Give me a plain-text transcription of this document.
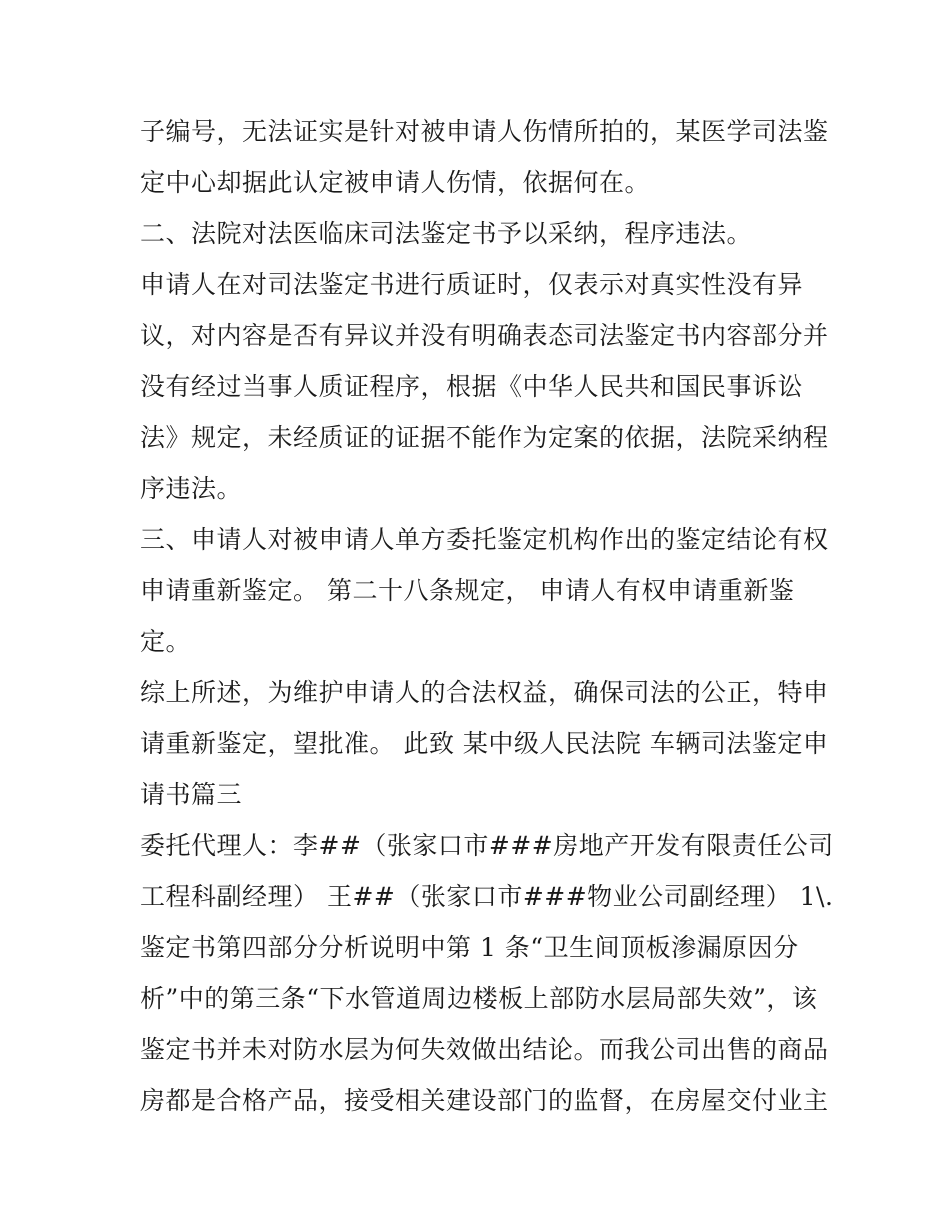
子编号，无法证实是针对被申请人伤情所拍的，某医学司法鉴
定中心却据此认定被申请人伤情，依据何在。
二、法院对法医临床司法鉴定书予以采纳，程序违法。
申请人在对司法鉴定书进行质证时，仅表示对真实性没有异
议，对内容是否有异议并没有明确表态司法鉴定书内容部分并
没有经过当事人质证程序，根据《中华人民共和国民事诉讼
法》规定，未经质证的证据不能作为定案的依据，法院采纳程
序违法。
三、申请人对被申请人单方委托鉴定机构作出的鉴定结论有权
申请重新鉴定。 第二十八条规定， 申请人有权申请重新鉴
定。
综上所述，为维护申请人的合法权益，确保司法的公正，特申
请重新鉴定，望批准。 此致 某中级人民法院 车辆司法鉴定申
请书篇三
委托代理人：李##（张家口市###房地产开发有限责任公司
工程科副经理） 王##（张家口市###物业公司副经理） 1\.
鉴定书第四部分分析说明中第 1 条“卫生间顶板渗漏原因分
析”中的第三条“下水管道周边楼板上部防水层局部失效”，该
鉴定书并未对防水层为何失效做出结论。而我公司出售的商品
房都是合格产品，接受相关建设部门的监督，在房屋交付业主
